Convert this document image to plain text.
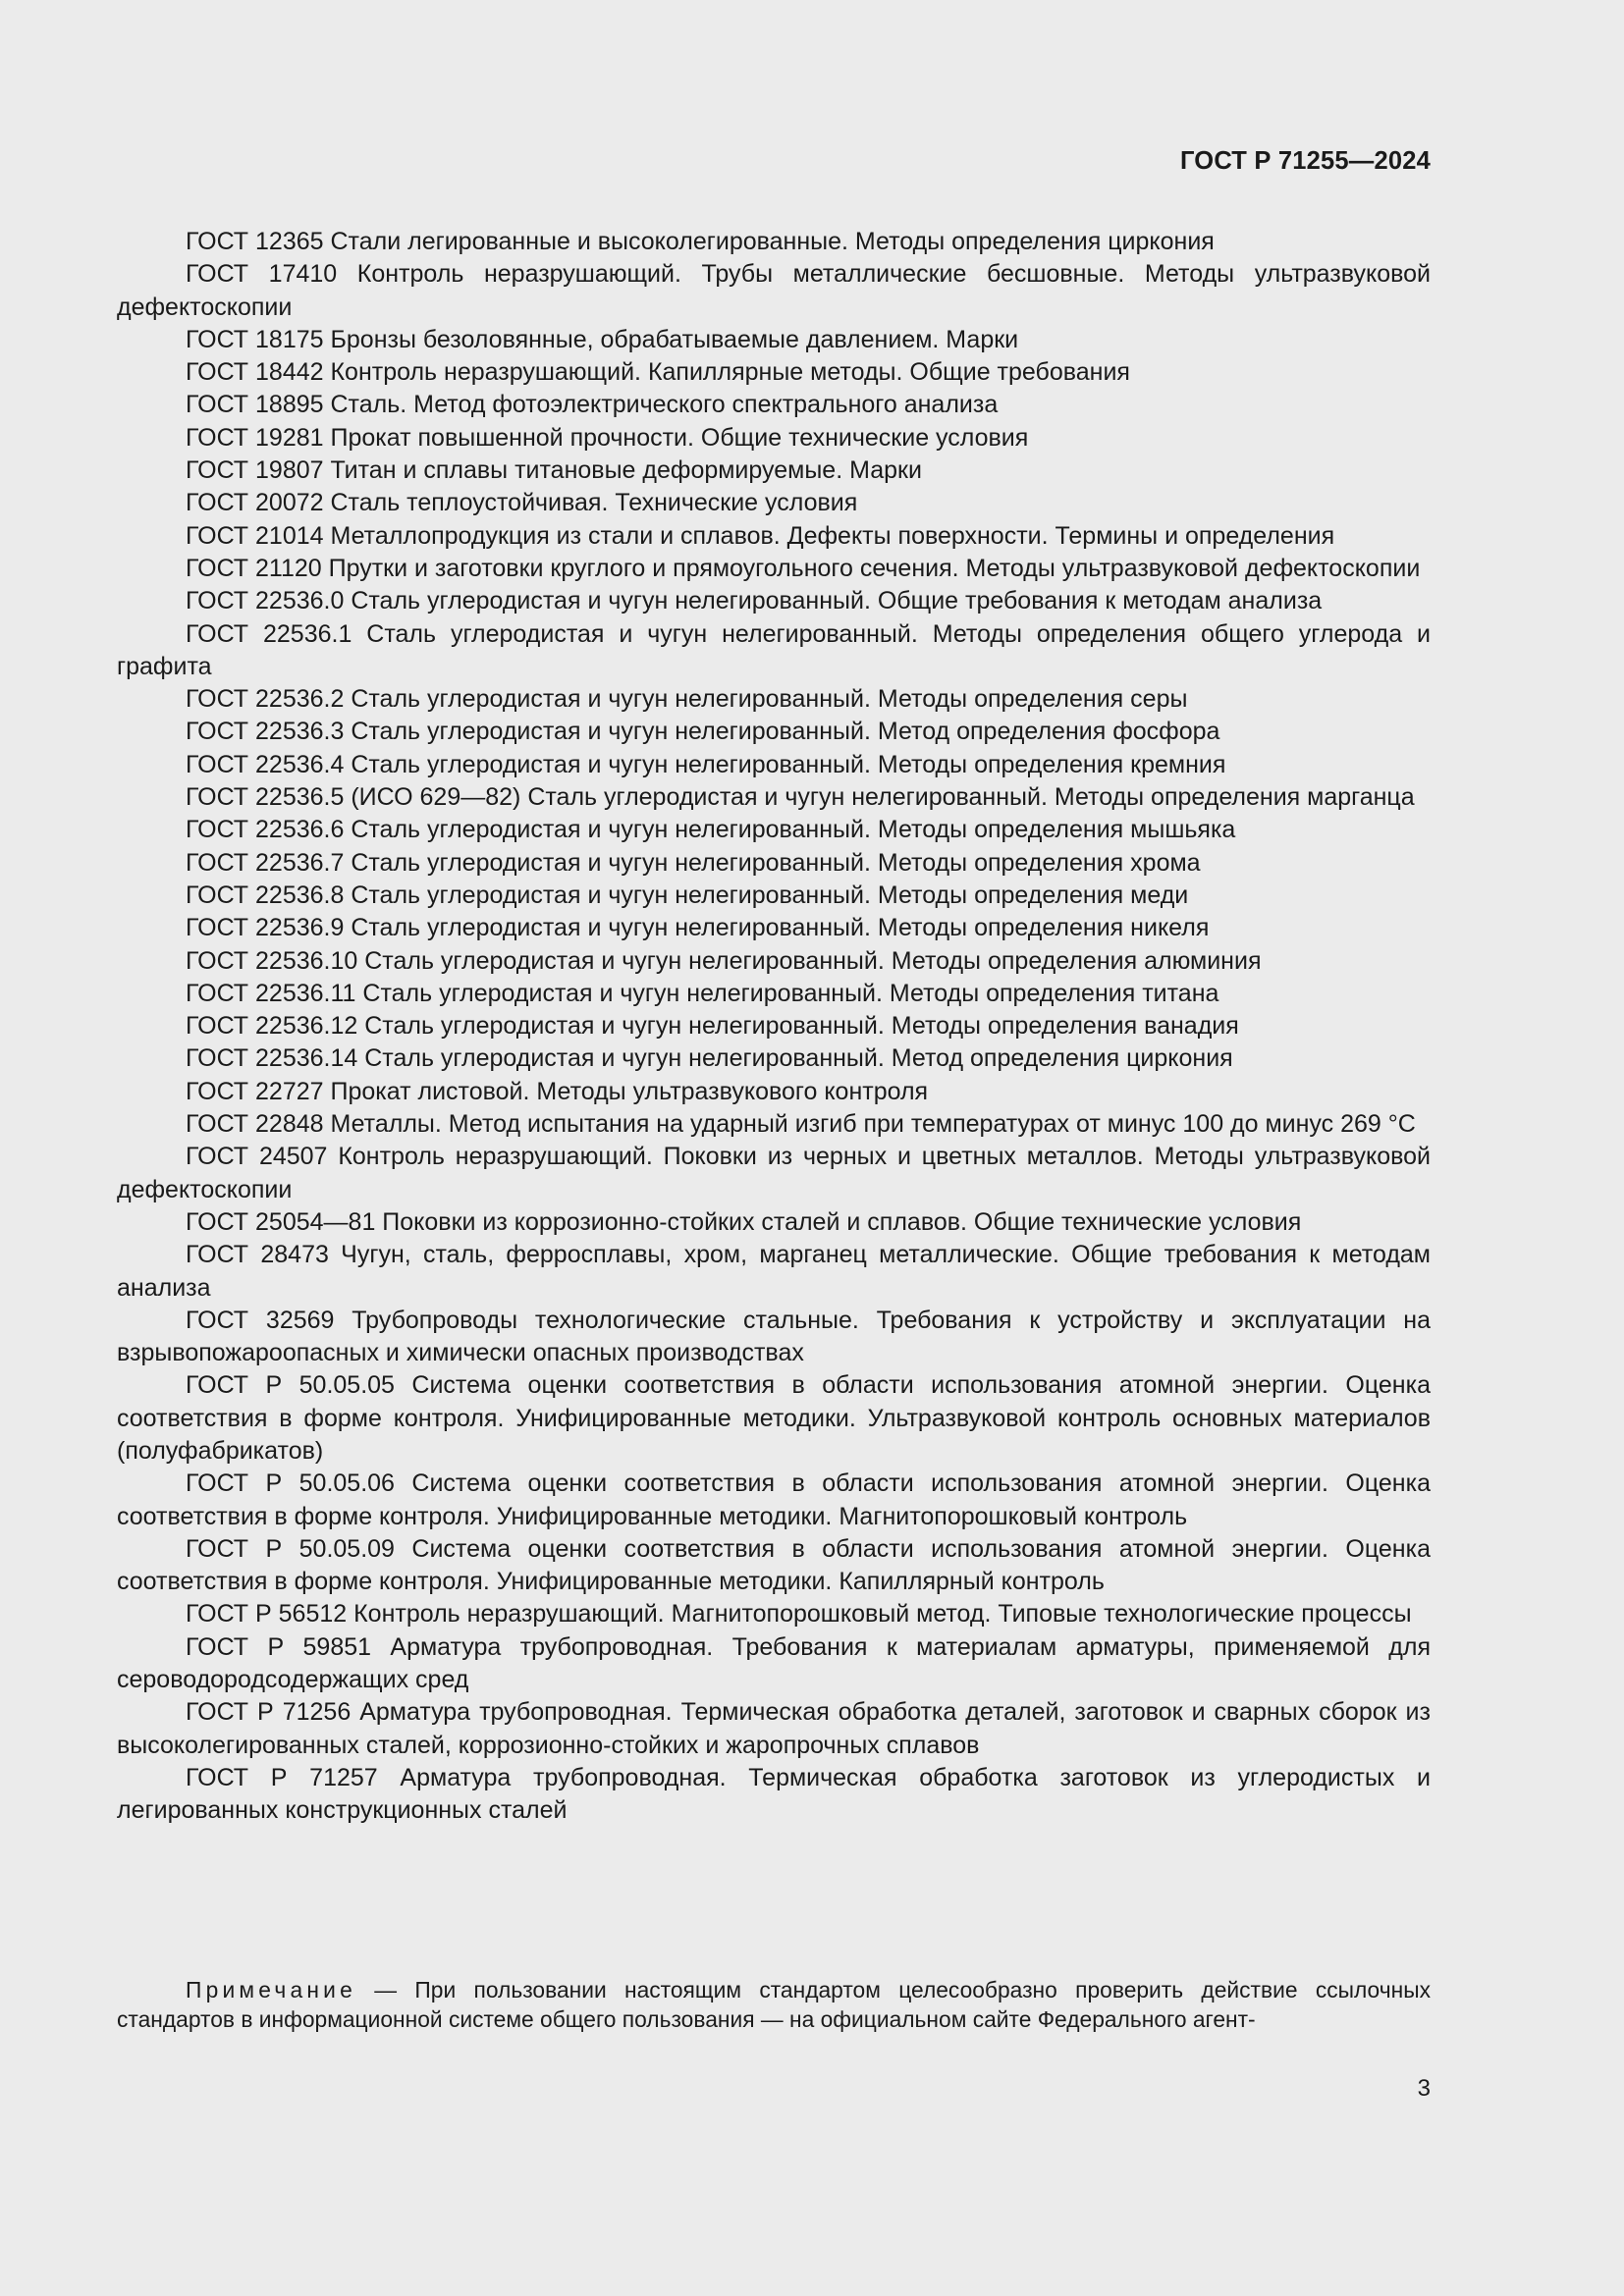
ГОСТ Р 71255—2024

ГОСТ 12365 Стали легированные и высоколегированные. Методы определения циркония

ГОСТ 17410 Контроль неразрушающий. Трубы металлические бесшовные. Методы ультразвуковой дефектоскопии

ГОСТ 18175 Бронзы безоловянные, обрабатываемые давлением. Марки

ГОСТ 18442 Контроль неразрушающий. Капиллярные методы. Общие требования

ГОСТ 18895 Сталь. Метод фотоэлектрического спектрального анализа

ГОСТ 19281 Прокат повышенной прочности. Общие технические условия

ГОСТ 19807 Титан и сплавы титановые деформируемые. Марки

ГОСТ 20072 Сталь теплоустойчивая. Технические условия

ГОСТ 21014 Металлопродукция из стали и сплавов. Дефекты поверхности. Термины и определения

ГОСТ 21120 Прутки и заготовки круглого и прямоугольного сечения. Методы ультразвуковой дефектоскопии

ГОСТ 22536.0 Сталь углеродистая и чугун нелегированный. Общие требования к методам анализа

ГОСТ 22536.1 Сталь углеродистая и чугун нелегированный. Методы определения общего углерода и графита

ГОСТ 22536.2 Сталь углеродистая и чугун нелегированный. Методы определения серы

ГОСТ 22536.3 Сталь углеродистая и чугун нелегированный. Метод определения фосфора

ГОСТ 22536.4 Сталь углеродистая и чугун нелегированный. Методы определения кремния

ГОСТ 22536.5 (ИСО 629—82) Сталь углеродистая и чугун нелегированный. Методы определения марганца

ГОСТ 22536.6 Сталь углеродистая и чугун нелегированный. Методы определения мышьяка

ГОСТ 22536.7 Сталь углеродистая и чугун нелегированный. Методы определения хрома

ГОСТ 22536.8 Сталь углеродистая и чугун нелегированный. Методы определения меди

ГОСТ 22536.9 Сталь углеродистая и чугун нелегированный. Методы определения никеля

ГОСТ 22536.10 Сталь углеродистая и чугун нелегированный. Методы определения алюминия

ГОСТ 22536.11 Сталь углеродистая и чугун нелегированный. Методы определения титана

ГОСТ 22536.12 Сталь углеродистая и чугун нелегированный. Методы определения ванадия

ГОСТ 22536.14 Сталь углеродистая и чугун нелегированный. Метод определения циркония

ГОСТ 22727 Прокат листовой. Методы ультразвукового контроля

ГОСТ 22848 Металлы. Метод испытания на ударный изгиб при температурах от минус 100 до минус 269 °С

ГОСТ 24507 Контроль неразрушающий. Поковки из черных и цветных металлов. Методы ультразвуковой дефектоскопии

ГОСТ 25054—81 Поковки из коррозионно-стойких сталей и сплавов. Общие технические условия

ГОСТ 28473 Чугун, сталь, ферросплавы, хром, марганец металлические. Общие требования к методам анализа

ГОСТ 32569 Трубопроводы технологические стальные. Требования к устройству и эксплуатации на взрывопожароопасных и химически опасных производствах

ГОСТ Р 50.05.05 Система оценки соответствия в области использования атомной энергии. Оценка соответствия в форме контроля. Унифицированные методики. Ультразвуковой контроль основных материалов (полуфабрикатов)

ГОСТ Р 50.05.06 Система оценки соответствия в области использования атомной энергии. Оценка соответствия в форме контроля. Унифицированные методики. Магнитопорошковый контроль

ГОСТ Р 50.05.09 Система оценки соответствия в области использования атомной энергии. Оценка соответствия в форме контроля. Унифицированные методики. Капиллярный контроль

ГОСТ Р 56512 Контроль неразрушающий. Магнитопорошковый метод. Типовые технологические процессы

ГОСТ Р 59851 Арматура трубопроводная. Требования к материалам арматуры, применяемой для сероводородсодержащих сред

ГОСТ Р 71256 Арматура трубопроводная. Термическая обработка деталей, заготовок и сварных сборок из высоколегированных сталей, коррозионно-стойких и жаропрочных сплавов

ГОСТ Р 71257 Арматура трубопроводная. Термическая обработка заготовок из углеродистых и легированных конструкционных сталей

Примечание — При пользовании настоящим стандартом целесообразно проверить действие ссылочных стандартов в информационной системе общего пользования — на официальном сайте Федерального агент-
3
